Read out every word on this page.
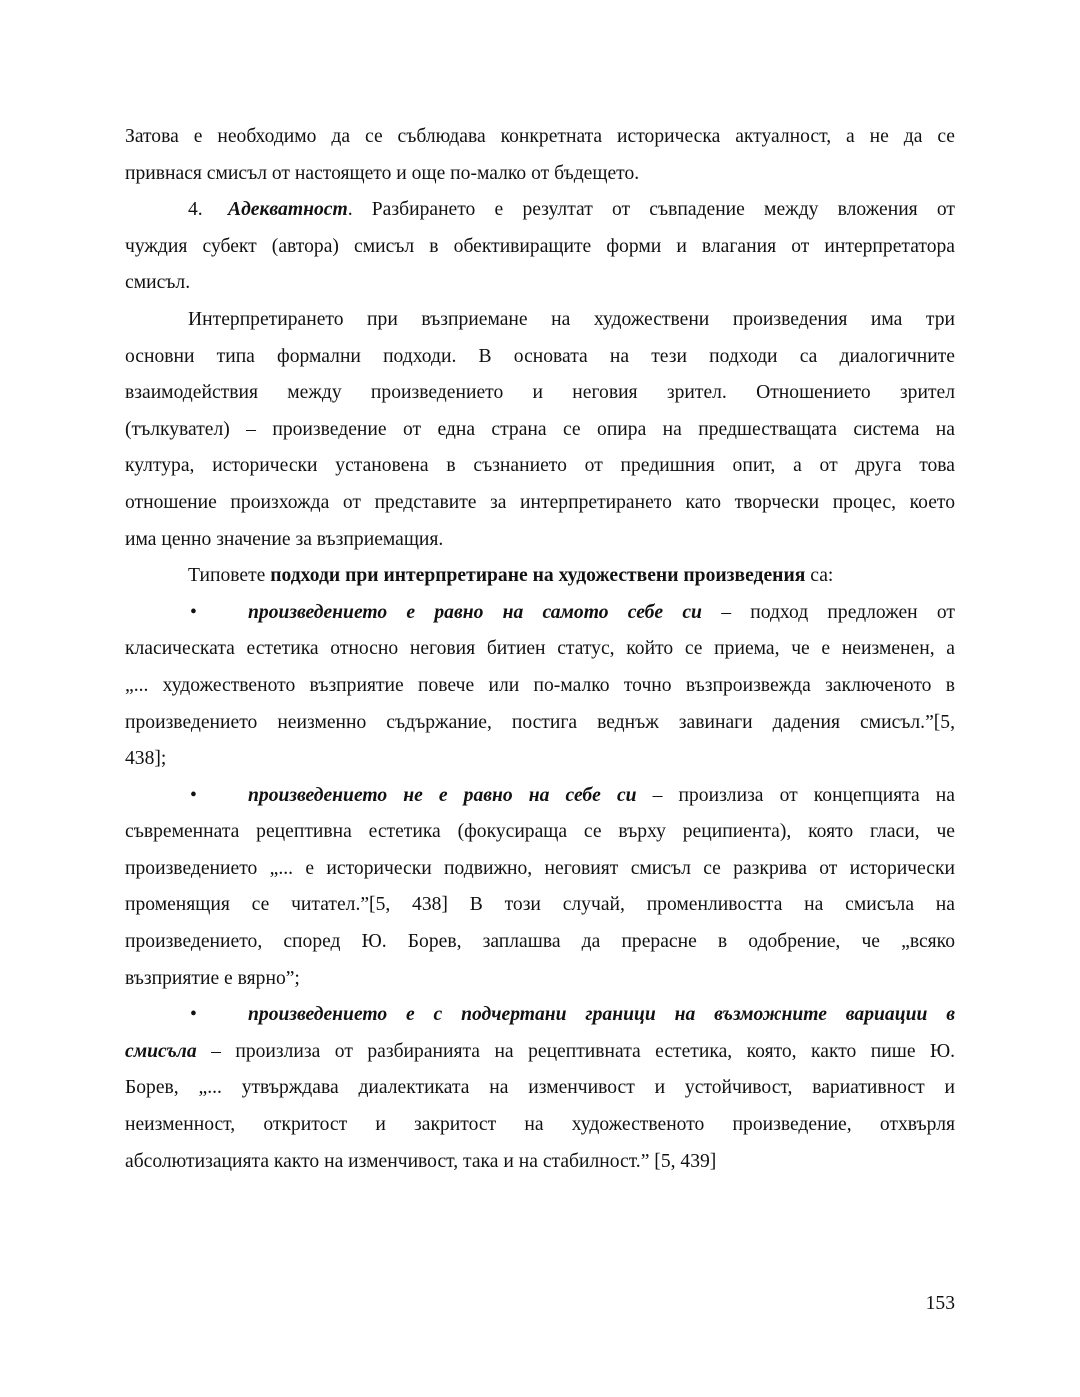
Затова е необходимо да се съблюдава конкретната историческа актуалност, а не да се
привнася смисъл от настоящето и още по-малко от бъдещето.
4. Адекватност. Разбирането е резултат от съвпадение между вложения от
чуждия субект (автора) смисъл в обективиращите форми и влагания от интерпретатора
смисъл.
Интерпретирането при възприемане на художествени произведения има три
основни типа формални подходи. В основата на тези подходи са диалогичните
взаимодействия между произведението и неговия зрител. Отношението зрител
(тълкувател) – произведение от една страна се опира на предшестващата система на
култура, исторически установена в съзнанието от предишния опит, а от друга това
отношение произхожда от представите за интерпретирането като творчески процес, което
има ценно значение за възприемащия.
Типовете подходи при интерпретиране на художествени произведения са:
•	произведението е равно на самото себе си – подход предложен от
класическата естетика относно неговия битиен статус, който се приема, че е неизменен, а
„... художественото възприятие повече или по-малко точно възпроизвежда заключеното в
произведението неизменно съдържание, постига веднъж завинаги дадения смисъл.”[5,
438];
•	произведението не е равно на себе си – произлиза от концепцията на
съвременната рецептивна естетика (фокусираща се върху реципиента), която гласи, че
произведението „... е исторически подвижно, неговият смисъл се разкрива от исторически
променящия се читател.”[5, 438] В този случай, променливостта на смисъла на
произведението, според Ю. Борев, заплашва да прерасне в одобрение, че „всяко
възприятие е вярно”;
•	произведението е с подчертани граници на възможните вариации в
смисъла – произлиза от разбиранията на рецептивната естетика, която, както пише Ю.
Борев, „... утвърждава диалектиката на изменчивост и устойчивост, вариативност и
неизменност, откритост и закритост на художественото произведение, отхвърля
абсолютизацията както на изменчивост, така и на стабилност.” [5, 439]
153
